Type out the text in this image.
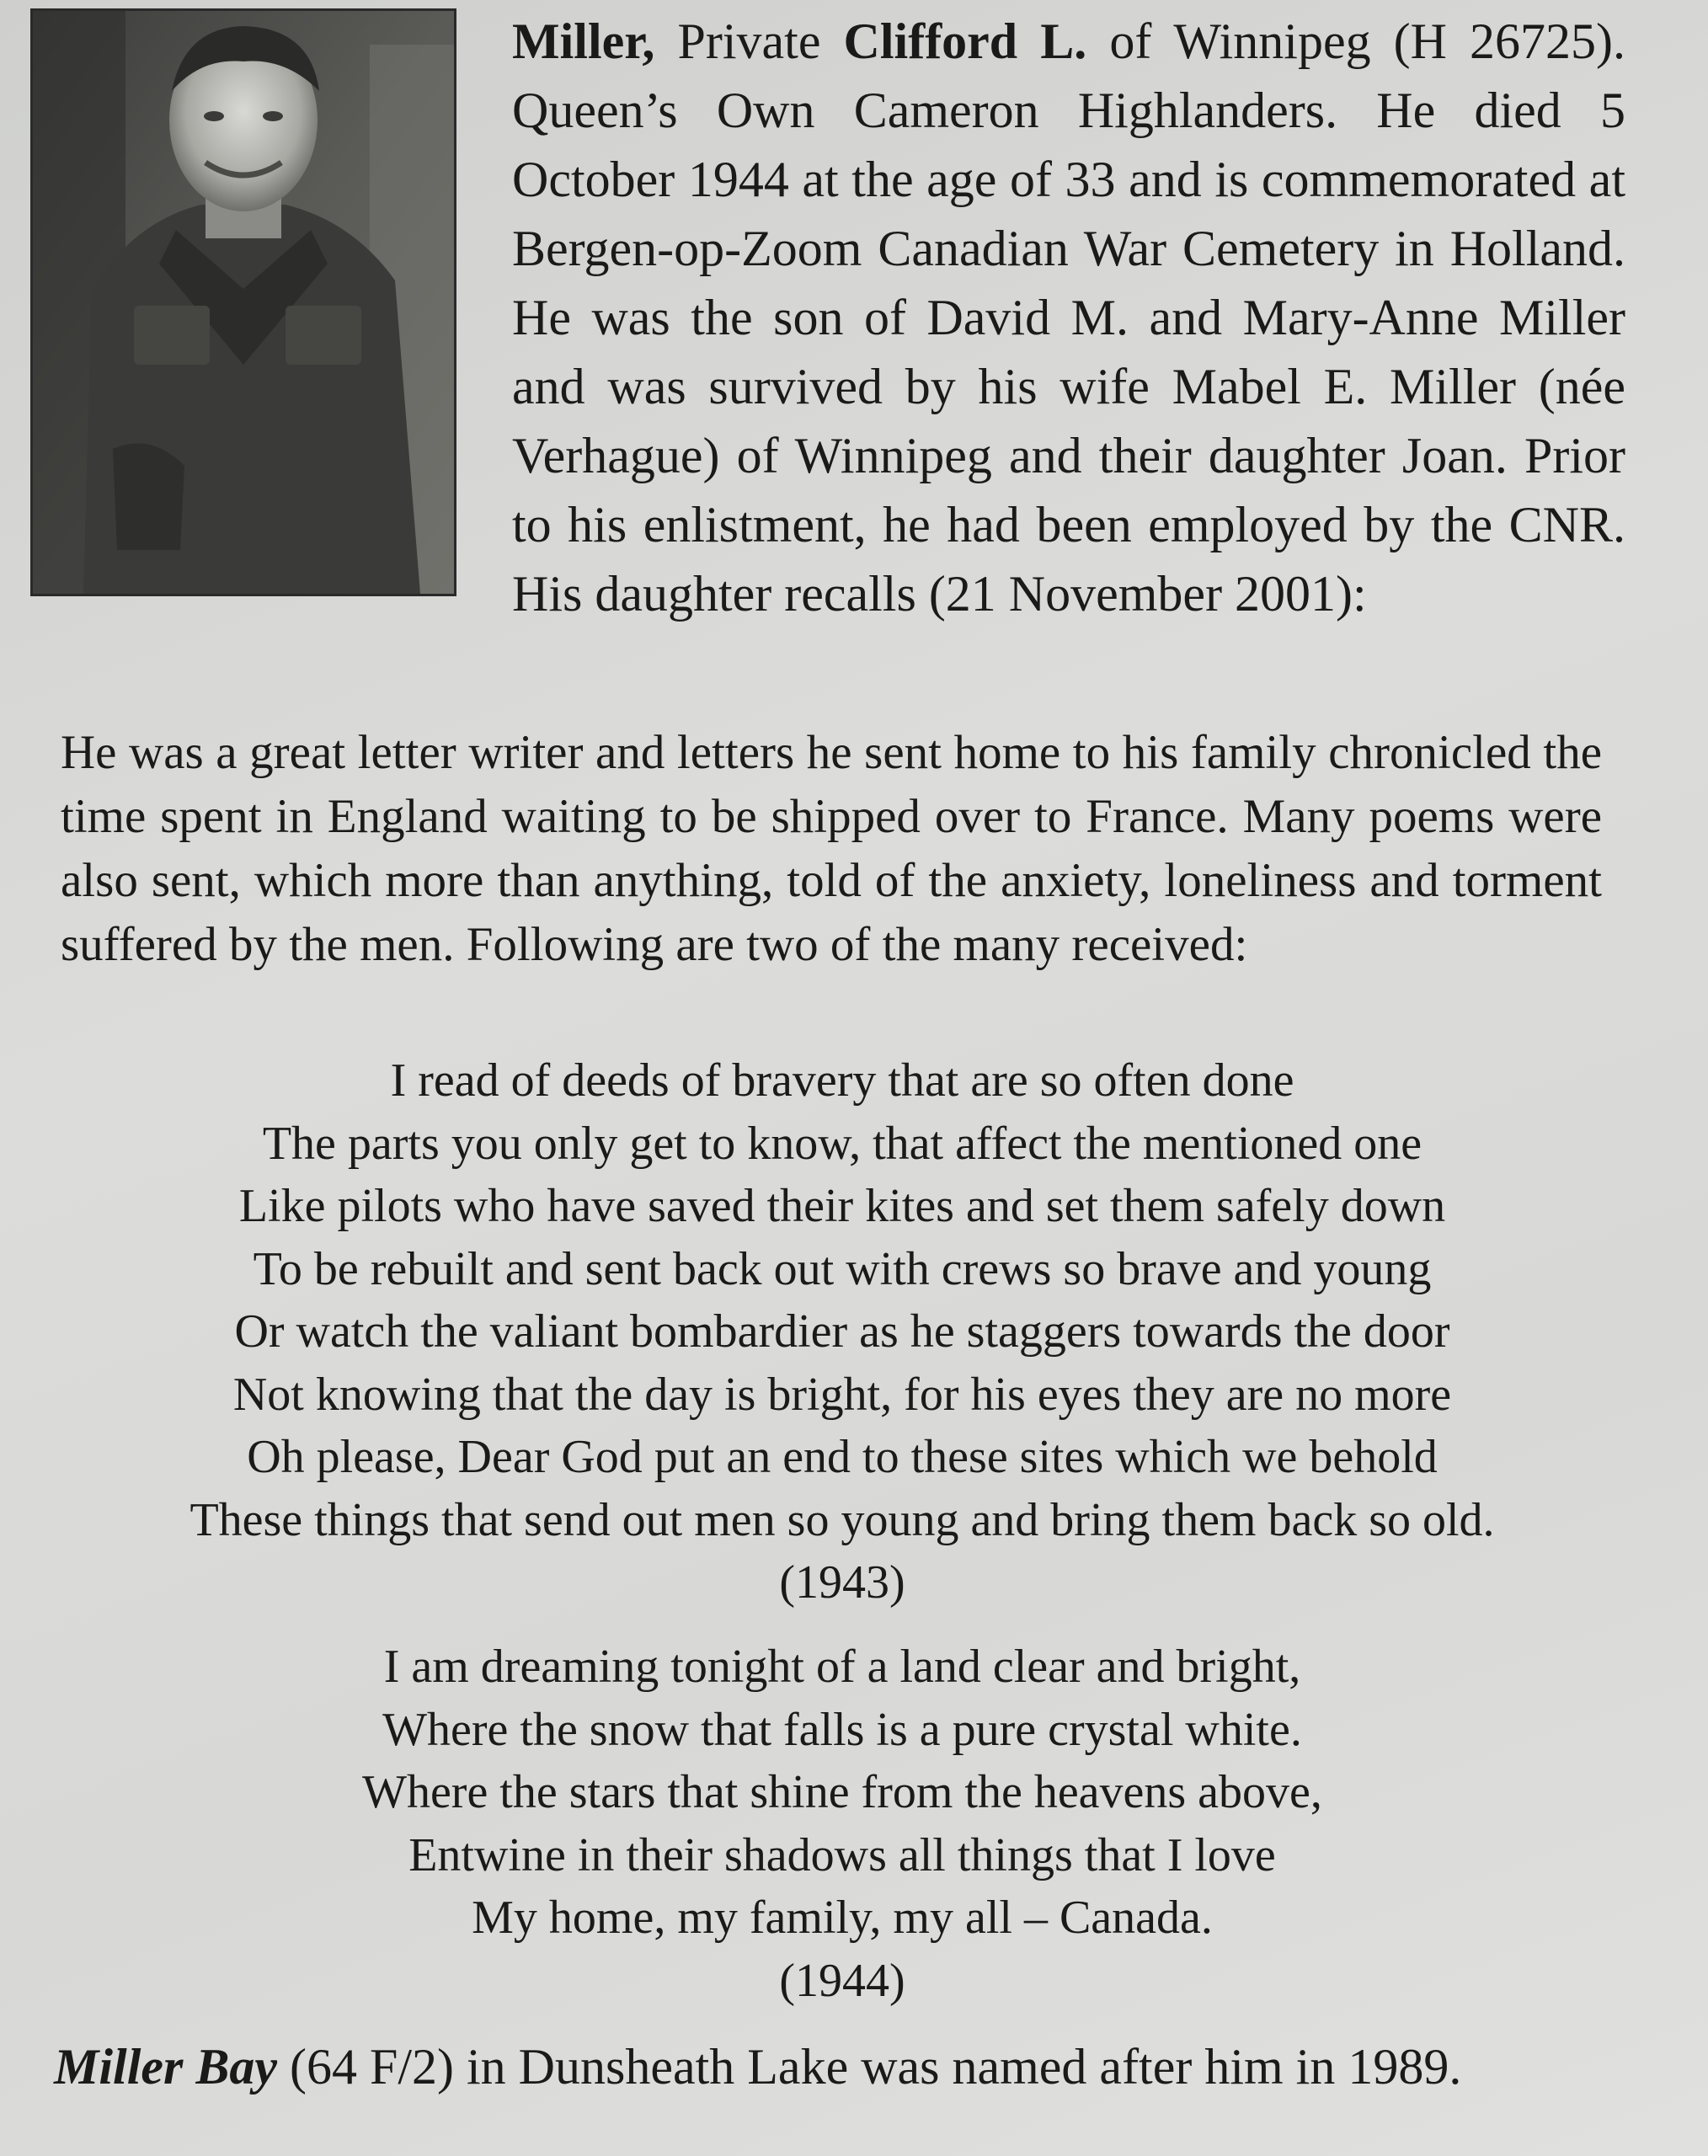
Miller, Private Clifford L. of Winnipeg (H 26725). Queen’s Own Cameron Highlanders. He died 5 October 1944 at the age of 33 and is commemorated at Bergen-op-Zoom Canadian War Cemetery in Holland. He was the son of David M. and Mary-Anne Miller and was survived by his wife Mabel E. Miller (née Verhague) of Winnipeg and their daughter Joan. Prior to his enlistment, he had been employed by the CNR. His daughter recalls (21 November 2001):

He was a great letter writer and letters he sent home to his family chronicled the time spent in England waiting to be shipped over to France. Many poems were also sent, which more than anything, told of the anxiety, loneliness and torment suffered by the men. Following are two of the many received:

I read of deeds of bravery that are so often done
The parts you only get to know, that affect the mentioned one
Like pilots who have saved their kites and set them safely down
To be rebuilt and sent back out with crews so brave and young
Or watch the valiant bombardier as he staggers towards the door
Not knowing that the day is bright, for his eyes they are no more
Oh please, Dear God put an end to these sites which we behold
These things that send out men so young and bring them back so old.
(1943)
I am dreaming tonight of a land clear and bright,
Where the snow that falls is a pure crystal white.
Where the stars that shine from the heavens above,
Entwine in their shadows all things that I love
My home, my family, my all – Canada.
(1944)

Miller Bay (64 F/2) in Dunsheath Lake was named after him in 1989.
